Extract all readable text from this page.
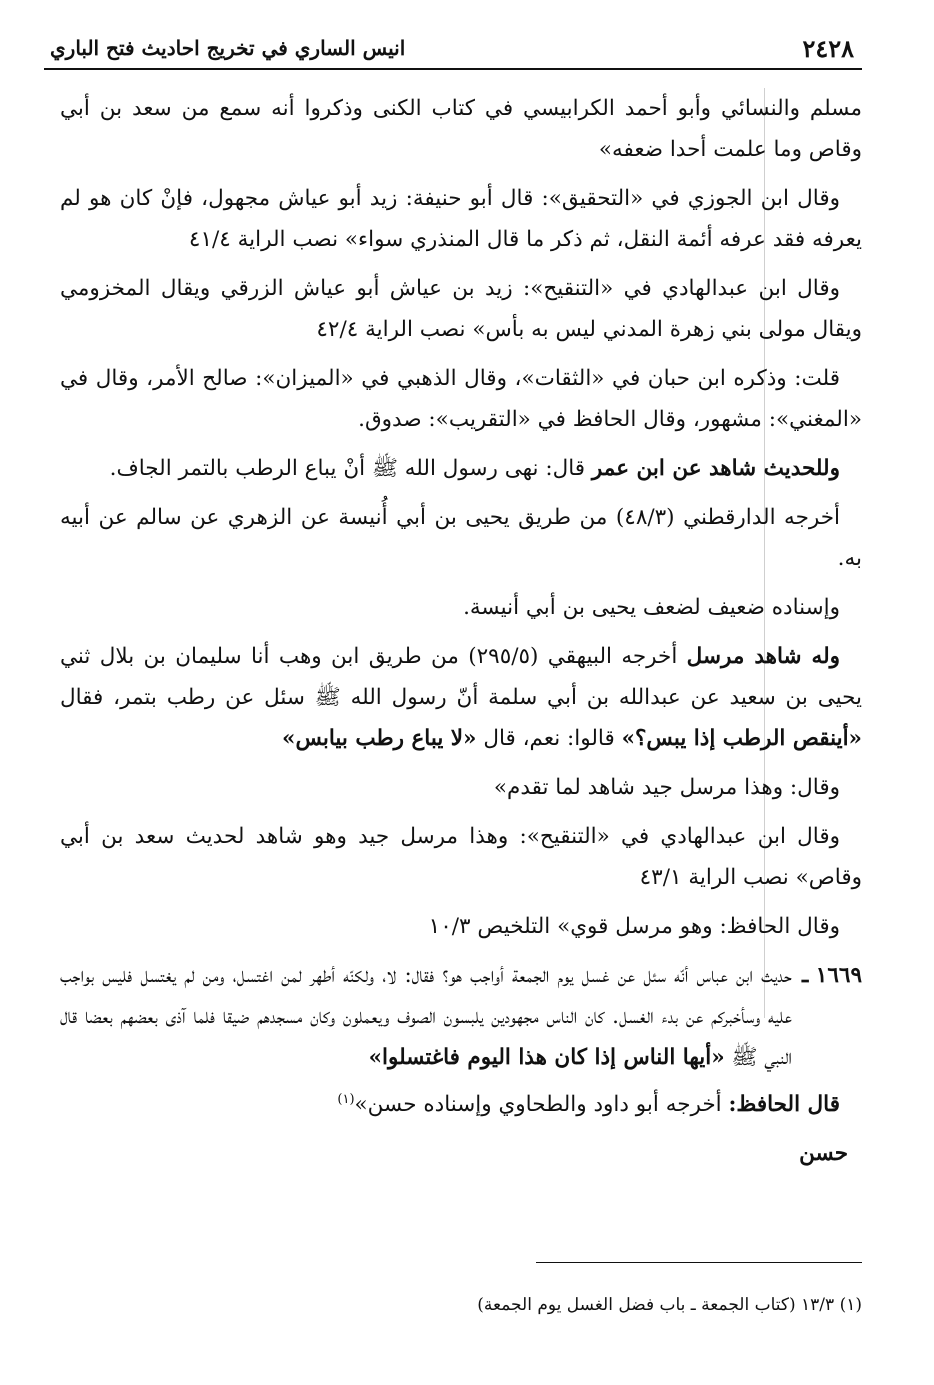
٢٤٢٨
انيس الساري في تخريج احاديث فتح الباري

مسلم والنسائي وأبو أحمد الكرابيسي في كتاب الكنى وذكروا أنه سمع من سعد بن أبي وقاص وما علمت أحدا ضعفه»

وقال ابن الجوزي في «التحقيق»: قال أبو حنيفة: زيد أبو عياش مجهول، فإنْ كان هو لم يعرفه فقد عرفه أئمة النقل، ثم ذكر ما قال المنذري سواء» نصب الراية ٤١/٤

وقال ابن عبدالهادي في «التنقيح»: زيد بن عياش أبو عياش الزرقي ويقال المخزومي ويقال مولى بني زهرة المدني ليس به بأس» نصب الراية ٤٢/٤

قلت: وذكره ابن حبان في «الثقات»، وقال الذهبي في «الميزان»: صالح الأمر، وقال في «المغني»: مشهور، وقال الحافظ في «التقريب»: صدوق.

وللحديث شاهد عن ابن عمر قال: نهى رسول الله ﷺ أنْ يباع الرطب بالتمر الجاف.

أخرجه الدارقطني (٤٨/٣) من طريق يحيى بن أبي أُنيسة عن الزهري عن سالم عن أبيه به.

وإسناده ضعيف لضعف يحيى بن أبي أنيسة.

وله شاهد مرسل أخرجه البيهقي (٢٩٥/٥) من طريق ابن وهب أنا سليمان بن بلال ثني يحيى بن سعيد عن عبدالله بن أبي سلمة أنّ رسول الله ﷺ سئل عن رطب بتمر، فقال «أينقص الرطب إذا يبس؟» قالوا: نعم، قال «لا يباع رطب بيابس»

وقال: وهذا مرسل جيد شاهد لما تقدم»

وقال ابن عبدالهادي في «التنقيح»: وهذا مرسل جيد وهو شاهد لحديث سعد بن أبي وقاص» نصب الراية ٤٣/١

وقال الحافظ: وهو مرسل قوي» التلخيص ١٠/٣

١٦٦٩ ـ
حديث ابن عباس أنّه سئل عن غسل يوم الجمعة أواجب هو؟ فقال: لا، ولكنّه أطهر لمن اغتسل، ومن لم يغتسل فليس بواجب عليه وسأخبركم عن بدء الغسل. كان الناس مجهودين يلبسون الصوف ويعملون وكان مسجدهم ضيقا فلما آذى بعضهم بعضا قال النبي ﷺ «أيها الناس إذا كان هذا اليوم فاغتسلوا»

قال الحافظ: أخرجه أبو داود والطحاوي وإسناده حسن»$^{(١)}$

حسن

(١) ١٣/٣ (كتاب الجمعة ـ باب فضل الغسل يوم الجمعة)
